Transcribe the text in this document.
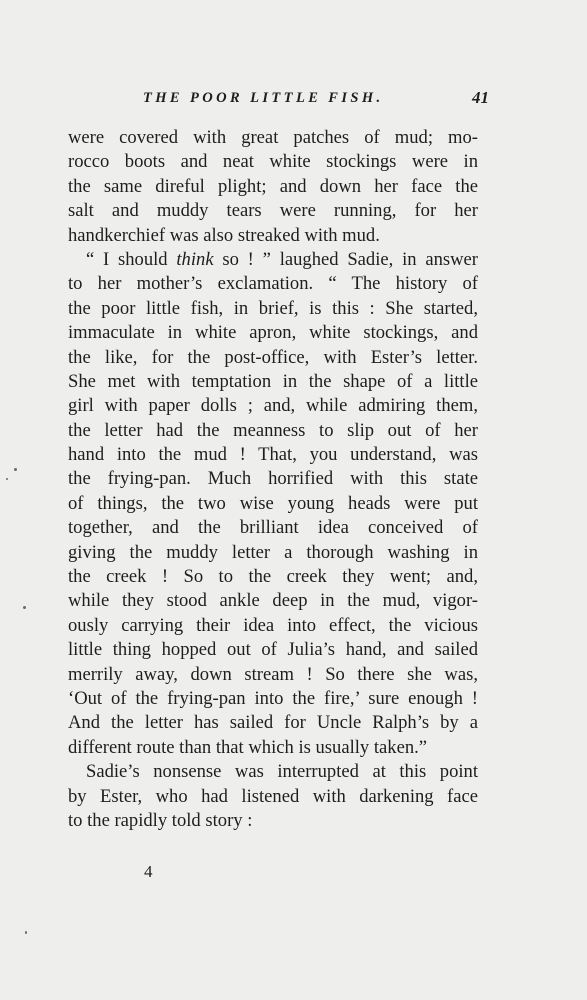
THE POOR LITTLE FISH.	41
were covered with great patches of mud; mo-
rocco boots and neat white stockings were in
the same direful plight; and down her face the
salt and muddy tears were running, for her
handkerchief was also streaked with mud.
“ I should think so ! ” laughed Sadie, in answer
to her mother’s exclamation. “ The history of
the poor little fish, in brief, is this : She started,
immaculate in white apron, white stockings, and
the like, for the post-office, with Ester’s letter.
She met with temptation in the shape of a little
girl with paper dolls ; and, while admiring them,
the letter had the meanness to slip out of her
hand into the mud ! That, you understand, was
the frying-pan. Much horrified with this state
of things, the two wise young heads were put
together, and the brilliant idea conceived of
giving the muddy letter a thorough washing in
the creek ! So to the creek they went; and,
while they stood ankle deep in the mud, vigor-
ously carrying their idea into effect, the vicious
little thing hopped out of Julia’s hand, and sailed
merrily away, down stream ! So there she was,
‘Out of the frying-pan into the fire,’ sure enough !
And the letter has sailed for Uncle Ralph’s by a
different route than that which is usually taken.”
Sadie’s nonsense was interrupted at this point
by Ester, who had listened with darkening face
to the rapidly told story :
4
